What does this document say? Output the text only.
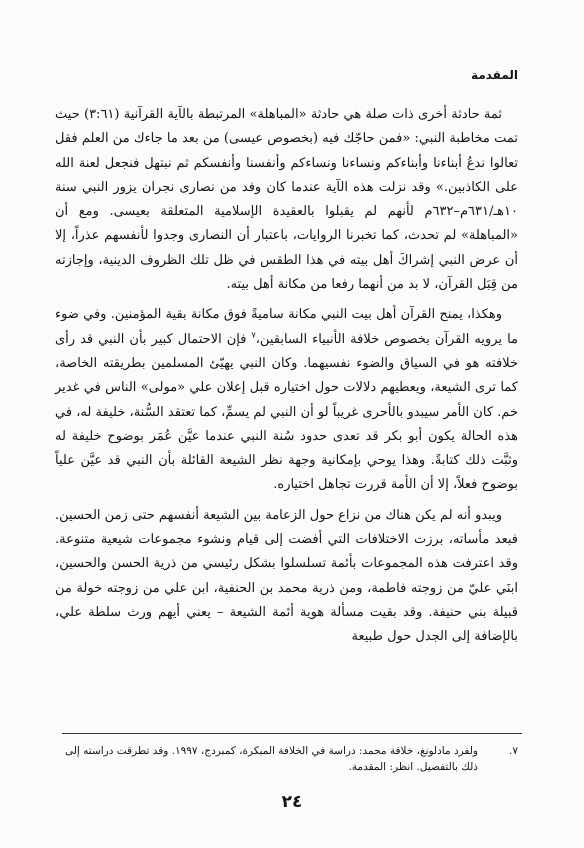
المقدمة

ثمة حادثة أخرى ذات صلة هي حادثة «المباهلة» المرتبطة بالآية القرآنية (٣:٦١) حيث تمت مخاطبة النبي: «فمن حاجّك فيه (بخصوص عيسى) من بعد ما جاءك من العلم فقل تعالوا ندعُ أبناءنا وأبناءكم ونساءنا ونساءكم وأنفسنا وأنفسكم ثم نبتهل فنجعل لعنة الله على الكاذبين.» وقد نزلت هذه الآية عندما كان وفد من نصارى نجران يزور النبي سنة ١٠هـ/٦٣١م–٦٣٢م لأنهم لم يقبلوا بالعقيدة الإسلامية المتعلقة بعيسى. ومع أن «المباهلة» لم تحدث، كما تخبرنا الروايات، باعتبار أن النصارى وجدوا لأنفسهم عذراً، إلا أن عرض النبي إشراكَ أهل بيته في هذا الطقس في ظل تلك الظروف الدينية، وإجازته من قِبَل القرآن، لا بد من أنهما رفعا من مكانة أهل بيته.

وهكذا، يمنح القرآن أهل بيت النبي مكانة ساميةً فوق مكانة بقية المؤمنين. وفي ضوء ما يرويه القرآن بخصوص خلافة الأنبياء السابقين،$^٧$ فإن الاحتمال كبير بأن النبي قد رأى خلافته هو في السياق والضوء نفسيهما. وكان النبي يهيّئ المسلمين بطريقته الخاصة، كما ترى الشيعة، ويعطيهم دلالات حول اختياره قبل إعلان علي «مولى» الناس في غدير خم. كان الأمر سيبدو بالأحرى غريباً لو أن النبي لم يسمِّ، كما تعتقد السُّنة، خليفة له، في هذه الحالة يكون أبو بكر قد تعدى حدود سُنة النبي عندما عيَّن عُمَر بوضوح خليفة له وثبَّت ذلك كتابةً. وهذا يوحي بإمكانية وجهة نظر الشيعة القائلة بأن النبي قد عيَّن علياً بوضوح فعلاً، إلا أن الأمة قررت تجاهل اختياره.

ويبدو أنه لم يكن هناك من نزاع حول الزعامة بين الشيعة أنفسهم حتى زمن الحسين. فبعد مأساته، برزت الاختلافات التي أفضت إلى قيام ونشوء مجموعات شيعية متنوعة. وقد اعترفت هذه المجموعات بأئمة تسلسلوا بشكل رئيسي من ذرية الحسن والحسين، ابنَي عليّ من زوجته فاطمة، ومن ذرية محمد بن الحنفية، ابن علي من زوجته خولة من قبيلة بني حنيفة. وقد بقيت مسألة هوية أئمة الشيعة – يعني أيهم ورث سلطة علي، بالإضافة إلى الجدل حول طبيعة

٧.
ولفرد مادلونغ، خلافة محمد: دراسة في الخلافة المبكرة، كمبردج، ١٩٩٧. وقد تطرقت دراسته إلى ذلك بالتفصيل. انظر: المقدمة.
٢٤
